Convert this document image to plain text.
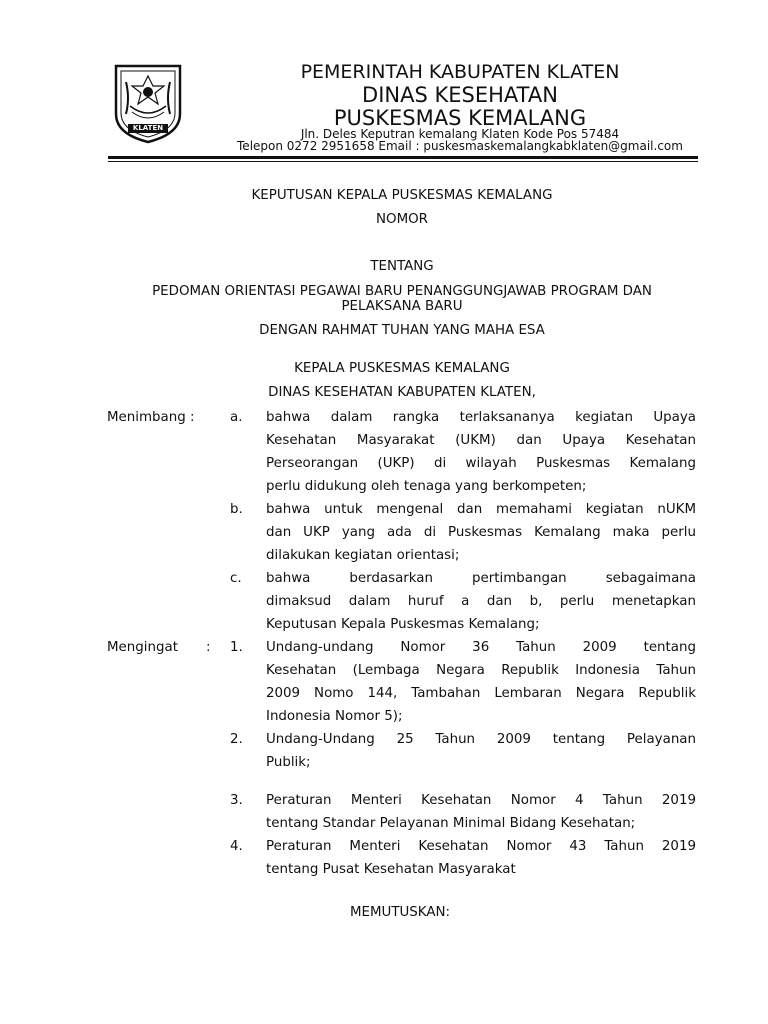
KLATEN
PEMERINTAH KABUPATEN KLATEN
DINAS KESEHATAN
PUSKESMAS KEMALANG
Jln. Deles Keputran kemalang Klaten Kode Pos 57484
Telepon 0272 2951658 Email : puskesmaskemalangkabklaten@gmail.com
KEPUTUSAN KEPALA PUSKESMAS KEMALANG
NOMOR
TENTANG
PEDOMAN ORIENTASI PEGAWAI BARU PENANGGUNGJAWAB PROGRAM DAN
PELAKSANA BARU
DENGAN RAHMAT TUHAN YANG MAHA ESA
KEPALA PUSKESMAS KEMALANG
DINAS KESEHATAN KABUPATEN KLATEN,
Menimbang :	a. bahwa dalam rangka terlaksananya kegiatan Upaya
Kesehatan Masyarakat (UKM) dan Upaya Kesehatan
Perseorangan (UKP) di wilayah Puskesmas Kemalang
perlu didukung oleh tenaga yang berkompeten;
b. bahwa untuk mengenal dan memahami kegiatan nUKM
dan UKP yang ada di Puskesmas Kemalang maka perlu
dilakukan kegiatan orientasi;
c. bahwa berdasarkan pertimbangan sebagaimana
dimaksud dalam huruf a dan b, perlu menetapkan
Keputusan Kepala Puskesmas Kemalang;
Mengingat : 1. Undang-undang Nomor 36 Tahun 2009 tentang
Kesehatan (Lembaga Negara Republik Indonesia Tahun
2009 Nomo 144, Tambahan Lembaran Negara Republik
Indonesia Nomor 5);
2. Undang-Undang 25 Tahun 2009 tentang Pelayanan
Publik;
3. Peraturan Menteri Kesehatan Nomor 4 Tahun 2019
tentang Standar Pelayanan Minimal Bidang Kesehatan;
4. Peraturan Menteri Kesehatan Nomor 43 Tahun 2019
tentang Pusat Kesehatan Masyarakat
MEMUTUSKAN:
